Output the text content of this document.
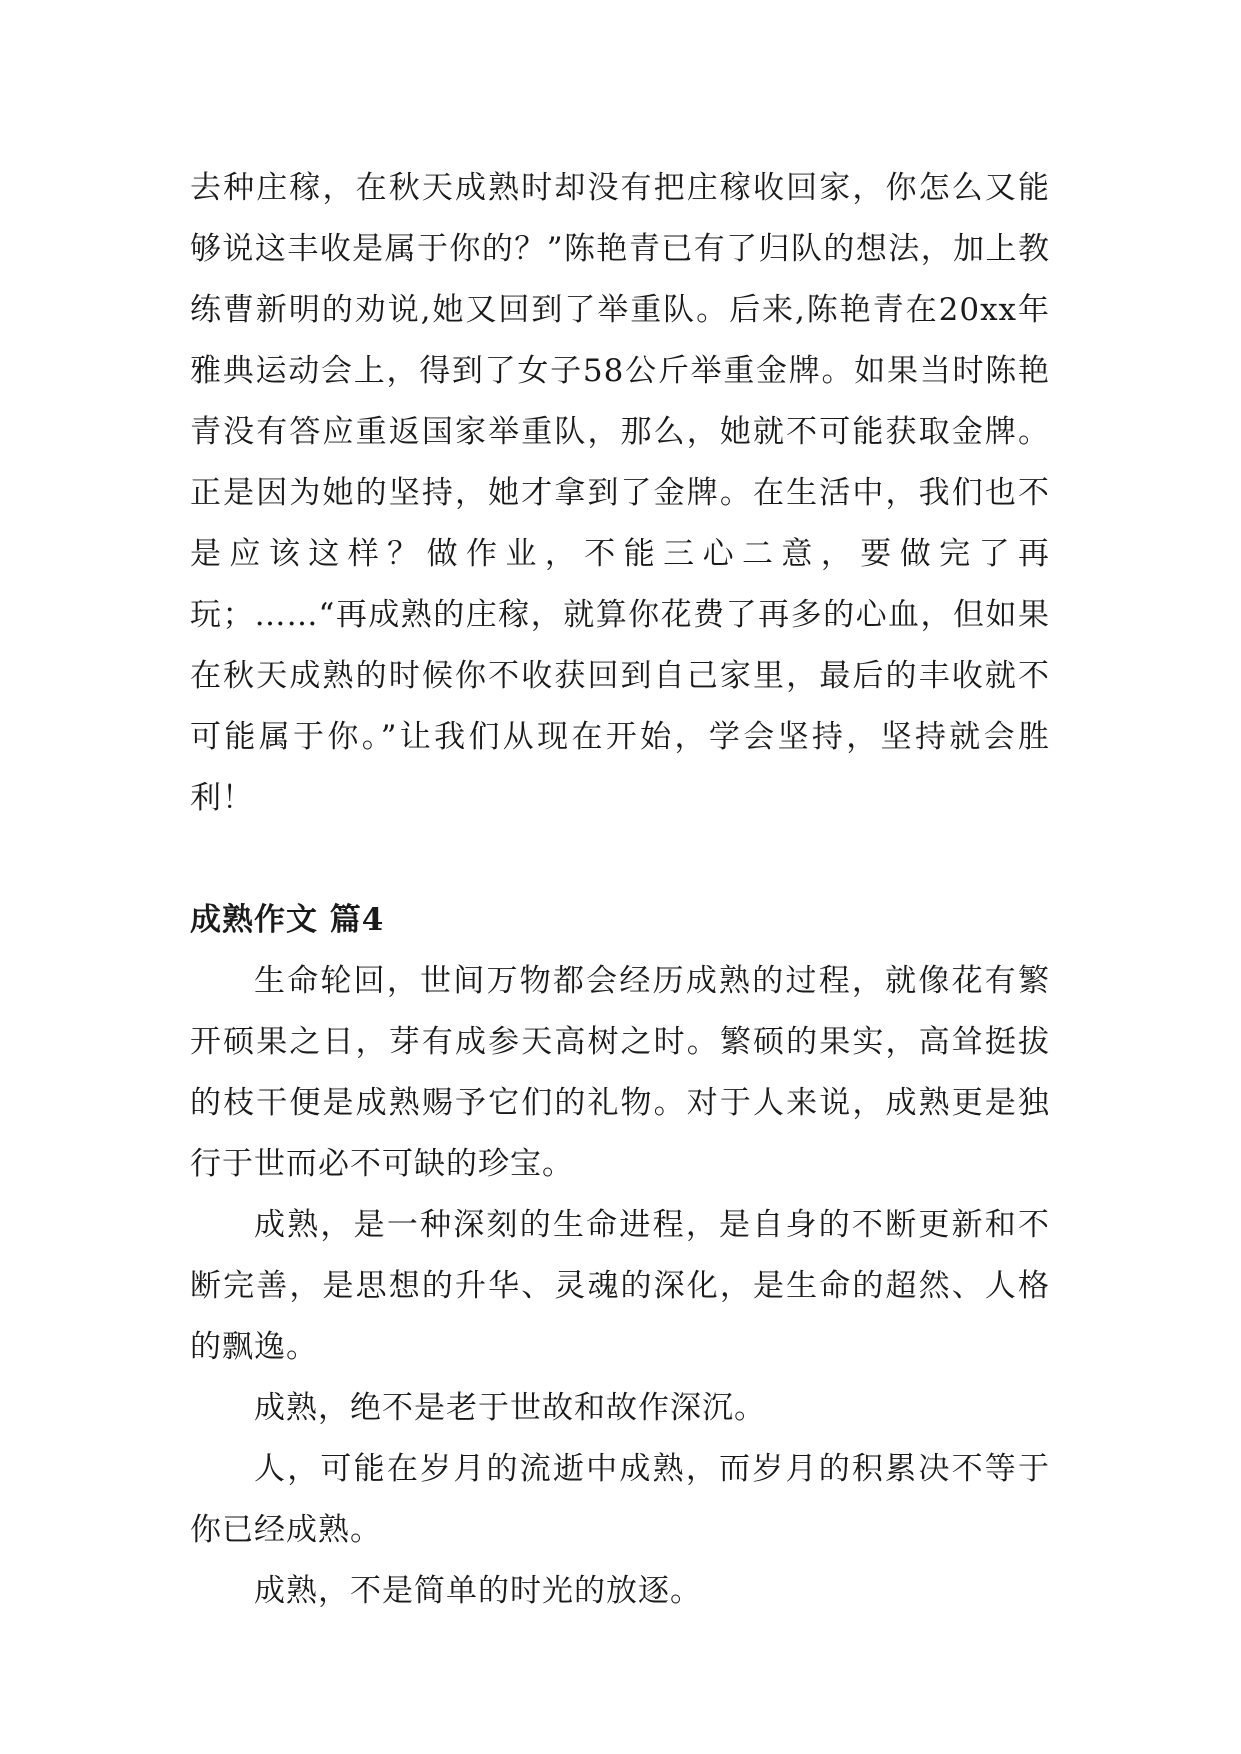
去种庄稼，在秋天成熟时却没有把庄稼收回家，你怎么又能够说这丰收是属于你的？”陈艳青已有了归队的想法，加上教练曹新明的劝说,她又回到了举重队。后来,陈艳青在20xx年雅典运动会上，得到了女子58公斤举重金牌。如果当时陈艳青没有答应重返国家举重队，那么，她就不可能获取金牌。正是因为她的坚持，她才拿到了金牌。在生活中，我们也不是应该这样？做作业，不能三心二意，要做完了再玩；……“再成熟的庄稼，就算你花费了再多的心血，但如果在秋天成熟的时候你不收获回到自己家里，最后的丰收就不可能属于你。”让我们从现在开始，学会坚持，坚持就会胜利！

成熟作文 篇4

生命轮回，世间万物都会经历成熟的过程，就像花有繁开硕果之日，芽有成参天高树之时。繁硕的果实，高耸挺拔的枝干便是成熟赐予它们的礼物。对于人来说，成熟更是独行于世而必不可缺的珍宝。

成熟，是一种深刻的生命进程，是自身的不断更新和不断完善，是思想的升华、灵魂的深化，是生命的超然、人格的飘逸。

成熟，绝不是老于世故和故作深沉。

人，可能在岁月的流逝中成熟，而岁月的积累决不等于你已经成熟。

成熟，不是简单的时光的放逐。
